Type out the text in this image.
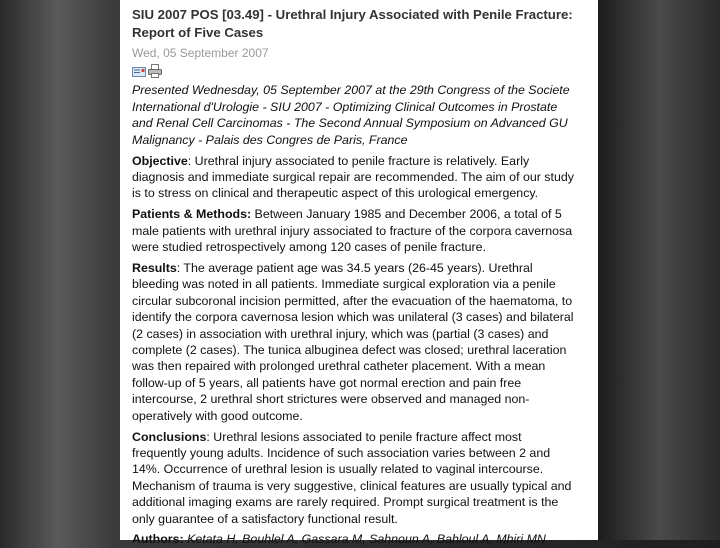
SIU 2007 POS [03.49] - Urethral Injury Associated with Penile Fracture:
Report of Five Cases
Wed, 05 September 2007
Presented Wednesday, 05 September 2007 at the 29th Congress of the Societe
International d'Urologie - SIU 2007 - Optimizing Clinical Outcomes in Prostate
and Renal Cell Carcinomas - The Second Annual Symposium on Advanced GU
Malignancy - Palais des Congres de Paris, France
Objective: Urethral injury associated to penile fracture is relatively. Early
diagnosis and immediate surgical repair are recommended. The aim of our study
is to stress on clinical and therapeutic aspect of this urological emergency.
Patients & Methods: Between January 1985 and December 2006, a total of 5
male patients with urethral injury associated to fracture of the corpora cavernosa
were studied retrospectively among 120 cases of penile fracture.
Results: The average patient age was 34.5 years (26-45 years). Urethral
bleeding was noted in all patients. Immediate surgical exploration via a penile
circular subcoronal incision permitted, after the evacuation of the haematoma, to
identify the corpora cavernosa lesion which was unilateral (3 cases) and bilateral
(2 cases) in association with urethral injury, which was (partial (3 cases) and
complete (2 cases). The tunica albuginea defect was closed; urethral laceration
was then repaired with prolonged urethral catheter placement. With a mean
follow-up of 5 years, all patients have got normal erection and pain free
intercourse, 2 urethral short strictures were observed and managed non-
operatively with good outcome.
Conclusions: Urethral lesions associated to penile fracture affect most
frequently young adults. Incidence of such association varies between 2 and
14%. Occurrence of urethral lesion is usually related to vaginal intercourse.
Mechanism of trauma is very suggestive, clinical features are usually typical and
additional imaging exams are rarely required. Prompt surgical treatment is the
only guarantee of a satisfactory functional result.
Authors: Ketata H, Bouhlel A, Gassara M, Sahnoun A, Bahloul A, Mhiri MN
